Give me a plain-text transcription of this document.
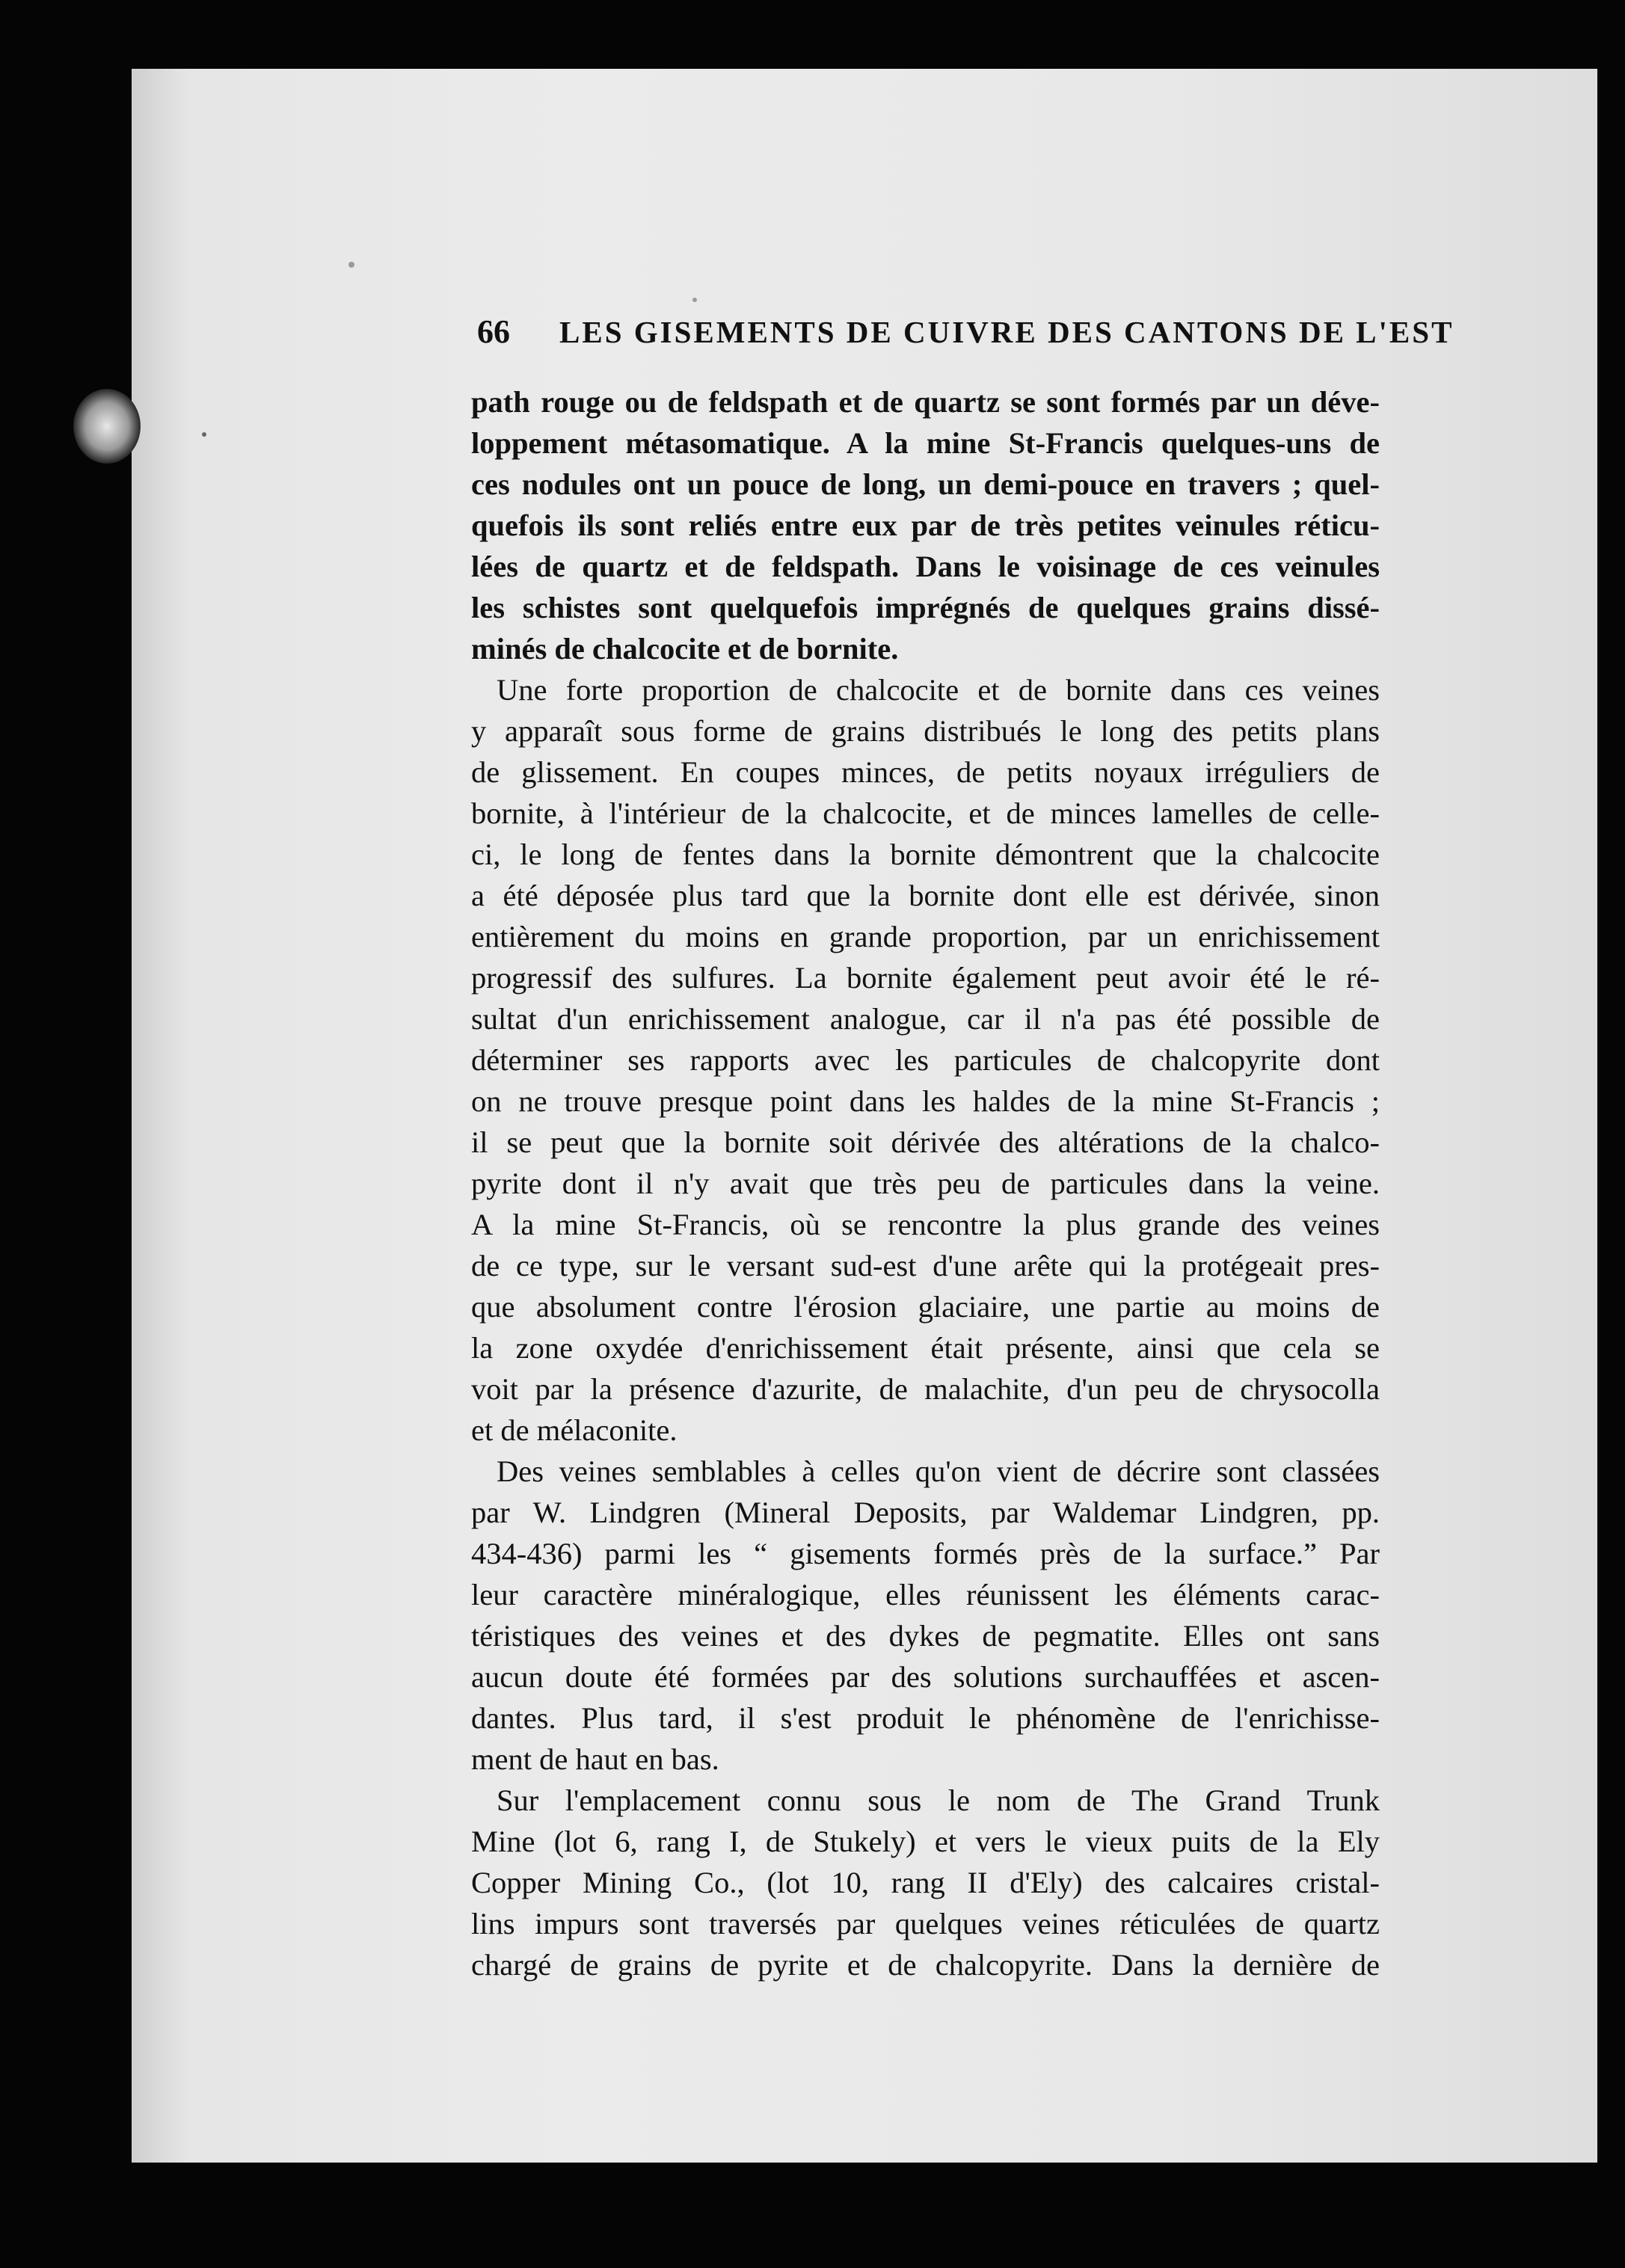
66 LES GISEMENTS DE CUIVRE DES CANTONS DE L'EST

path rouge ou de feldspath et de quartz se sont formés par un déve-

loppement métasomatique. A la mine St-Francis quelques-uns de

ces nodules ont un pouce de long, un demi-pouce en travers ; quel-

quefois ils sont reliés entre eux par de très petites veinules réticu-

lées de quartz et de feldspath. Dans le voisinage de ces veinules

les schistes sont quelquefois imprégnés de quelques grains dissé-

minés de chalcocite et de bornite.

Une forte proportion de chalcocite et de bornite dans ces veines

y apparaît sous forme de grains distribués le long des petits plans

de glissement. En coupes minces, de petits noyaux irréguliers de

bornite, à l'intérieur de la chalcocite, et de minces lamelles de celle-

ci, le long de fentes dans la bornite démontrent que la chalcocite

a été déposée plus tard que la bornite dont elle est dérivée, sinon

entièrement du moins en grande proportion, par un enrichissement

progressif des sulfures. La bornite également peut avoir été le ré-

sultat d'un enrichissement analogue, car il n'a pas été possible de

déterminer ses rapports avec les particules de chalcopyrite dont

on ne trouve presque point dans les haldes de la mine St-Francis ;

il se peut que la bornite soit dérivée des altérations de la chalco-

pyrite dont il n'y avait que très peu de particules dans la veine.

A la mine St-Francis, où se rencontre la plus grande des veines

de ce type, sur le versant sud-est d'une arête qui la protégeait pres-

que absolument contre l'érosion glaciaire, une partie au moins de

la zone oxydée d'enrichissement était présente, ainsi que cela se

voit par la présence d'azurite, de malachite, d'un peu de chrysocolla

et de mélaconite.

Des veines semblables à celles qu'on vient de décrire sont classées

par W. Lindgren (Mineral Deposits, par Waldemar Lindgren, pp.

434-436) parmi les “ gisements formés près de la surface.” Par

leur caractère minéralogique, elles réunissent les éléments carac-

téristiques des veines et des dykes de pegmatite. Elles ont sans

aucun doute été formées par des solutions surchauffées et ascen-

dantes. Plus tard, il s'est produit le phénomène de l'enrichisse-

ment de haut en bas.

Sur l'emplacement connu sous le nom de The Grand Trunk

Mine (lot 6, rang I, de Stukely) et vers le vieux puits de la Ely

Copper Mining Co., (lot 10, rang II d'Ely) des calcaires cristal-

lins impurs sont traversés par quelques veines réticulées de quartz

chargé de grains de pyrite et de chalcopyrite. Dans la dernière de
